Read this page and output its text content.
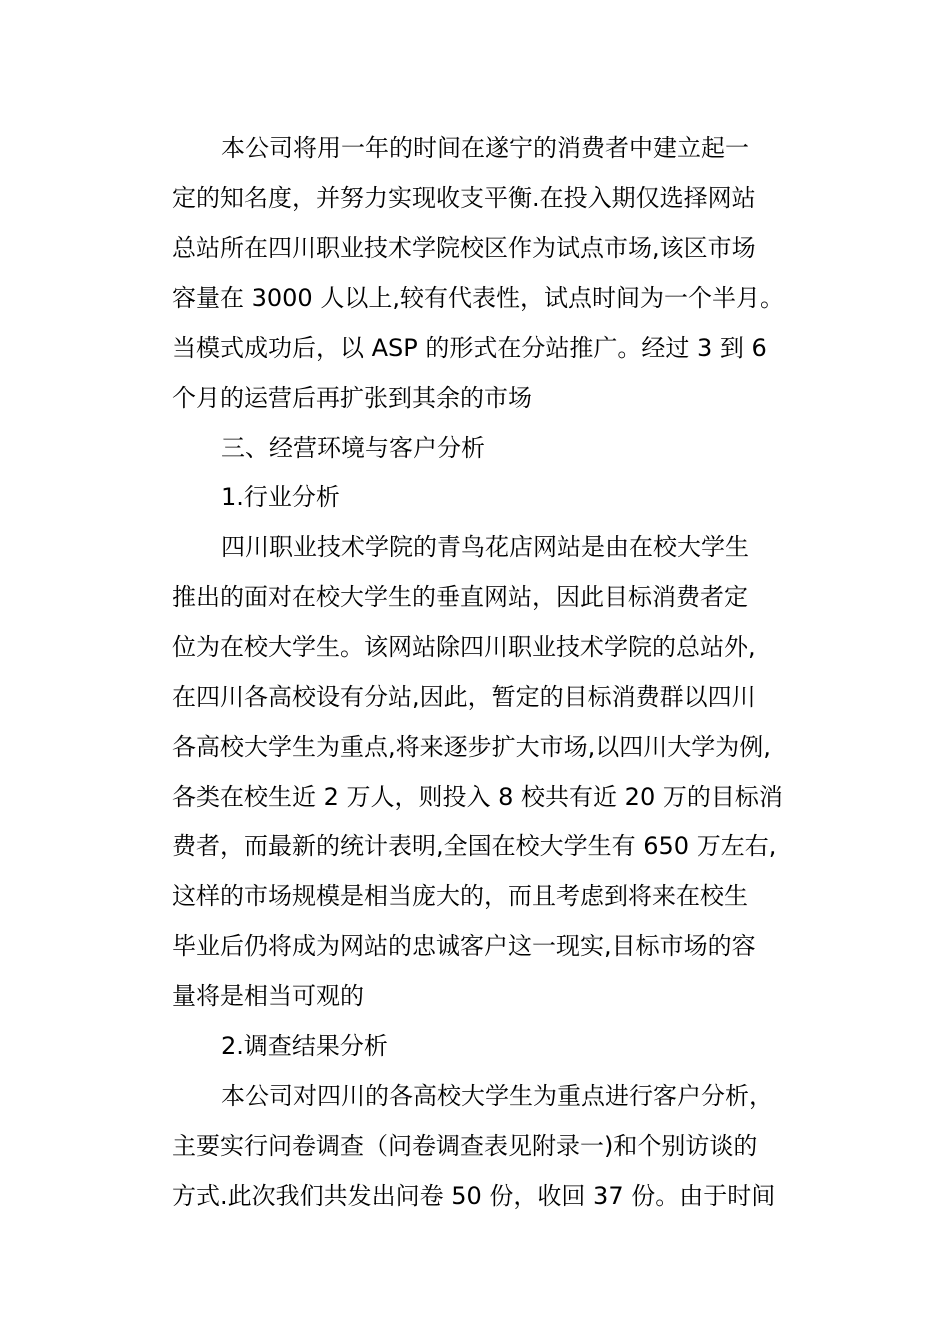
本公司将用一年的时间在遂宁的消费者中建立起一
定的知名度，并努力实现收支平衡.在投入期仅选择网站
总站所在四川职业技术学院校区作为试点市场,该区市场
容量在 3000 人以上,较有代表性，试点时间为一个半月。
当模式成功后，以 ASP 的形式在分站推广。经过 3 到 6
个月的运营后再扩张到其余的市场
三、经营环境与客户分析
1.行业分析
四川职业技术学院的青鸟花店网站是由在校大学生
推出的面对在校大学生的垂直网站，因此目标消费者定
位为在校大学生。该网站除四川职业技术学院的总站外,
在四川各高校设有分站,因此，暂定的目标消费群以四川
各高校大学生为重点,将来逐步扩大市场,以四川大学为例,
各类在校生近 2 万人，则投入 8 校共有近 20 万的目标消
费者，而最新的统计表明,全国在校大学生有 650 万左右,
这样的市场规模是相当庞大的，而且考虑到将来在校生
毕业后仍将成为网站的忠诚客户这一现实,目标市场的容
量将是相当可观的
2.调查结果分析
本公司对四川的各高校大学生为重点进行客户分析，
主要实行问卷调查（问卷调查表见附录一)和个别访谈的
方式.此次我们共发出问卷 50 份，收回 37 份。由于时间
